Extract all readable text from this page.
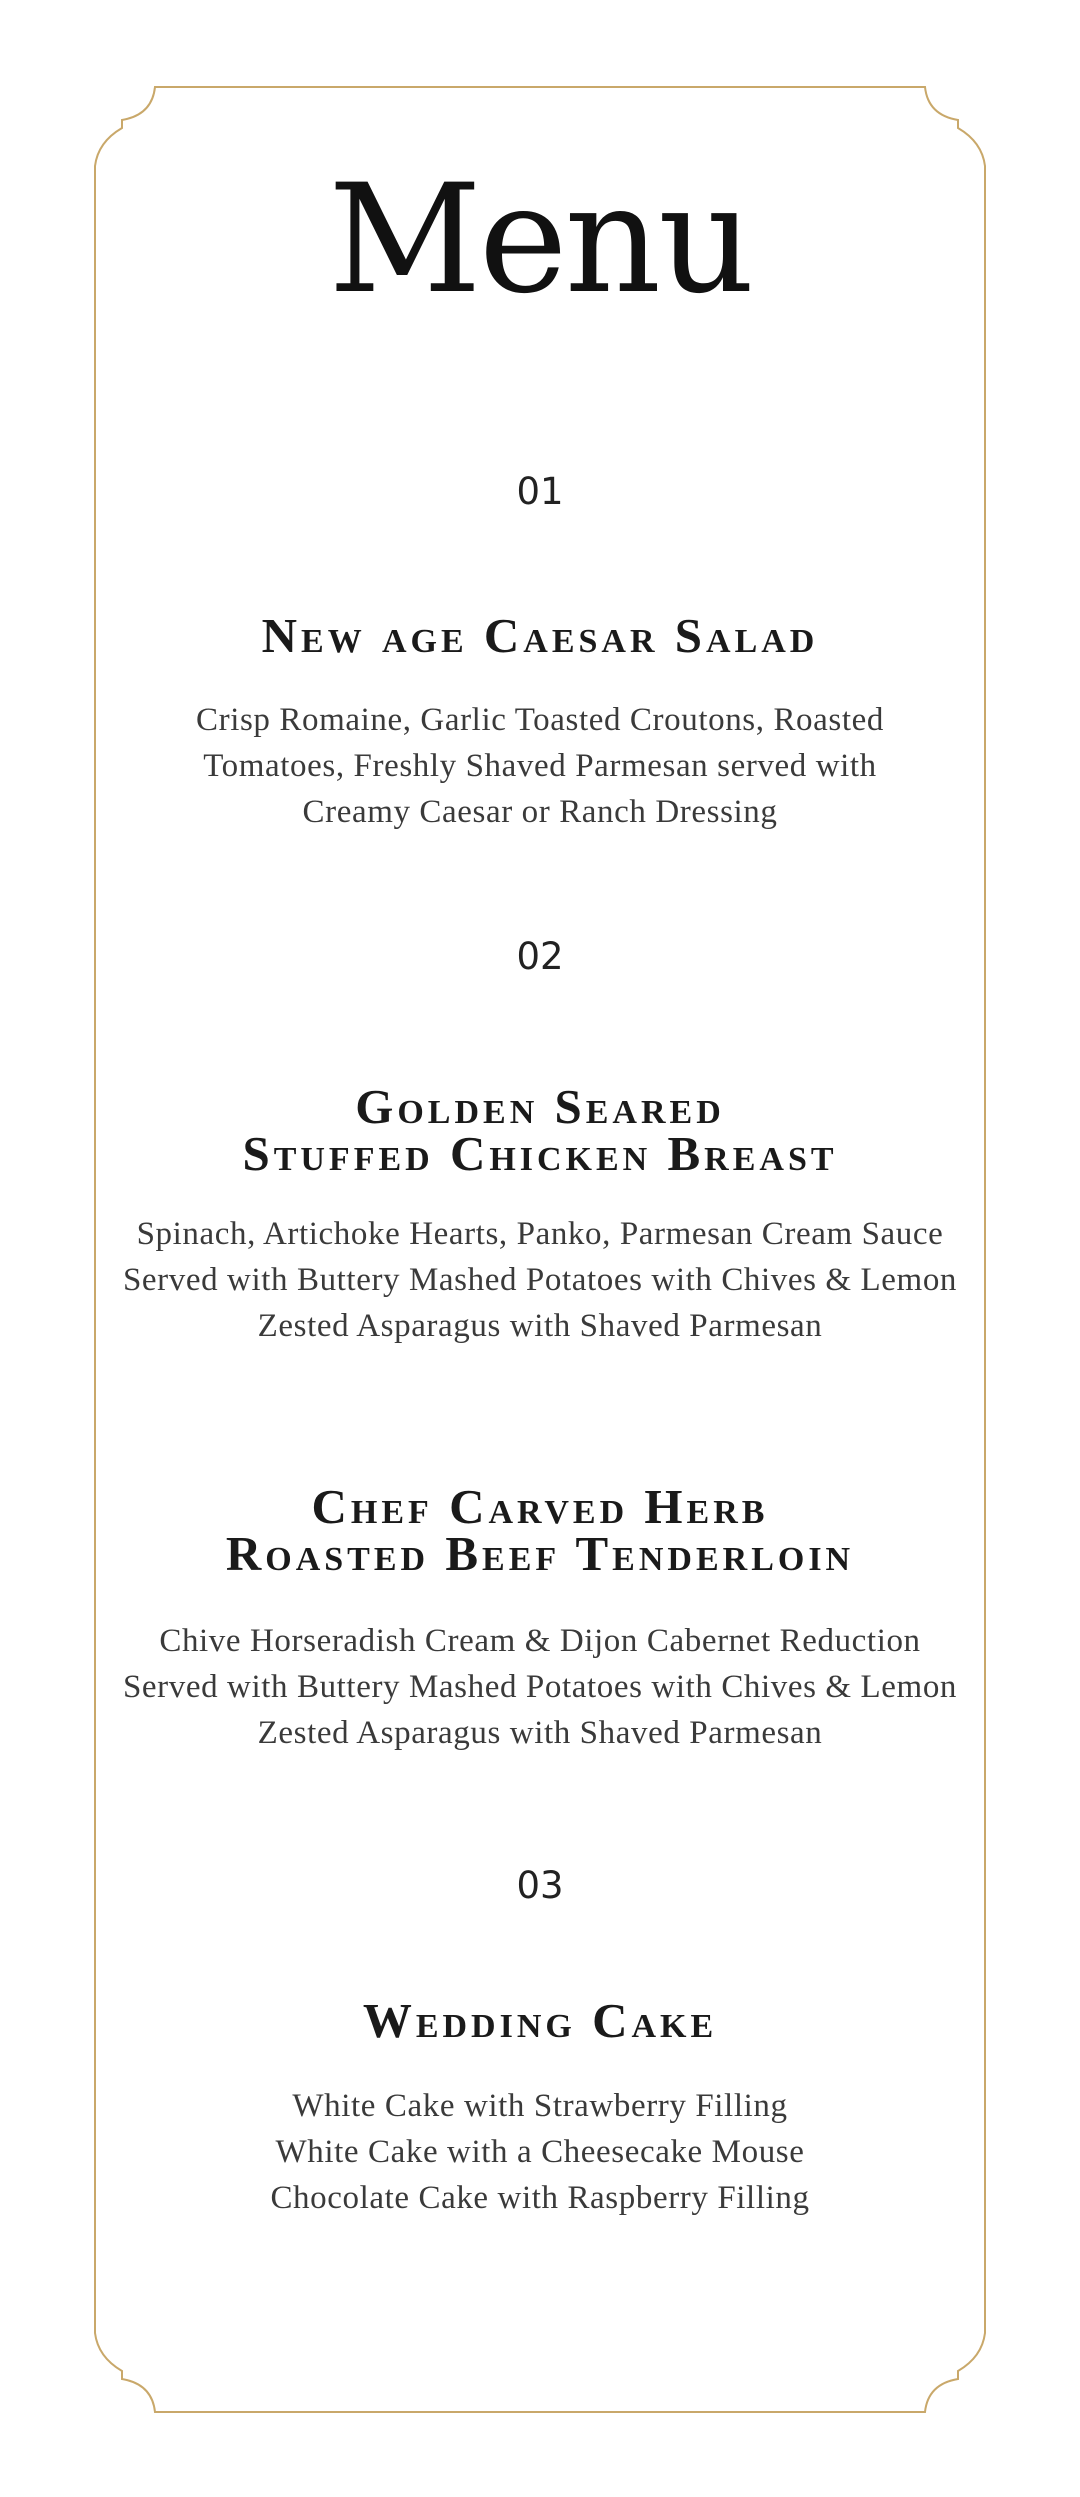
Menu
01
New age Caesar Salad
Crisp Romaine, Garlic Toasted Croutons, Roasted
Tomatoes, Freshly Shaved Parmesan served with
Creamy Caesar or Ranch Dressing
02
Golden Seared
Stuffed Chicken Breast
Spinach, Artichoke Hearts, Panko, Parmesan Cream Sauce
Served with Buttery Mashed Potatoes with Chives & Lemon
Zested Asparagus with Shaved Parmesan
Chef Carved Herb
Roasted Beef Tenderloin
Chive Horseradish Cream & Dijon Cabernet Reduction
Served with Buttery Mashed Potatoes with Chives & Lemon
Zested Asparagus with Shaved Parmesan
03
Wedding Cake
White Cake with Strawberry Filling
White Cake with a Cheesecake Mouse
Chocolate Cake with Raspberry Filling
